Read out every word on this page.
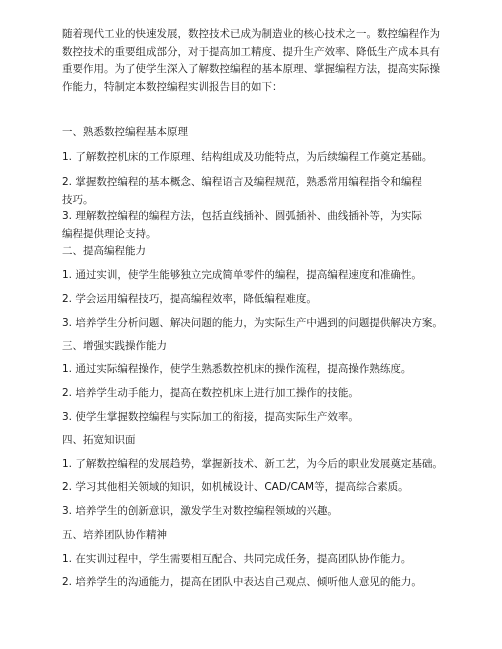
随着现代工业的快速发展，数控技术已成为制造业的核心技术之一。数控编程作为数控技术的重要组成部分，对于提高加工精度、提升生产效率、降低生产成本具有重要作用。为了使学生深入了解数控编程的基本原理、掌握编程方法，提高实际操作能力，特制定本数控编程实训报告目的如下：

一、熟悉数控编程基本原理

1. 了解数控机床的工作原理、结构组成及功能特点，为后续编程工作奠定基础。

2. 掌握数控编程的基本概念、编程语言及编程规范，熟悉常用编程指令和编程技巧。

3. 理解数控编程的编程方法，包括直线插补、圆弧插补、曲线插补等，为实际编程提供理论支持。

二、提高编程能力

1. 通过实训，使学生能够独立完成简单零件的编程，提高编程速度和准确性。

2. 学会运用编程技巧，提高编程效率，降低编程难度。

3. 培养学生分析问题、解决问题的能力，为实际生产中遇到的问题提供解决方案。

三、增强实践操作能力

1. 通过实际编程操作，使学生熟悉数控机床的操作流程，提高操作熟练度。

2. 培养学生动手能力，提高在数控机床上进行加工操作的技能。

3. 使学生掌握数控编程与实际加工的衔接，提高实际生产效率。

四、拓宽知识面

1. 了解数控编程的发展趋势，掌握新技术、新工艺，为今后的职业发展奠定基础。

2. 学习其他相关领域的知识，如机械设计、CAD/CAM等，提高综合素质。

3. 培养学生的创新意识，激发学生对数控编程领域的兴趣。

五、培养团队协作精神

1. 在实训过程中，学生需要相互配合、共同完成任务，提高团队协作能力。

2. 培养学生的沟通能力，提高在团队中表达自己观点、倾听他人意见的能力。
